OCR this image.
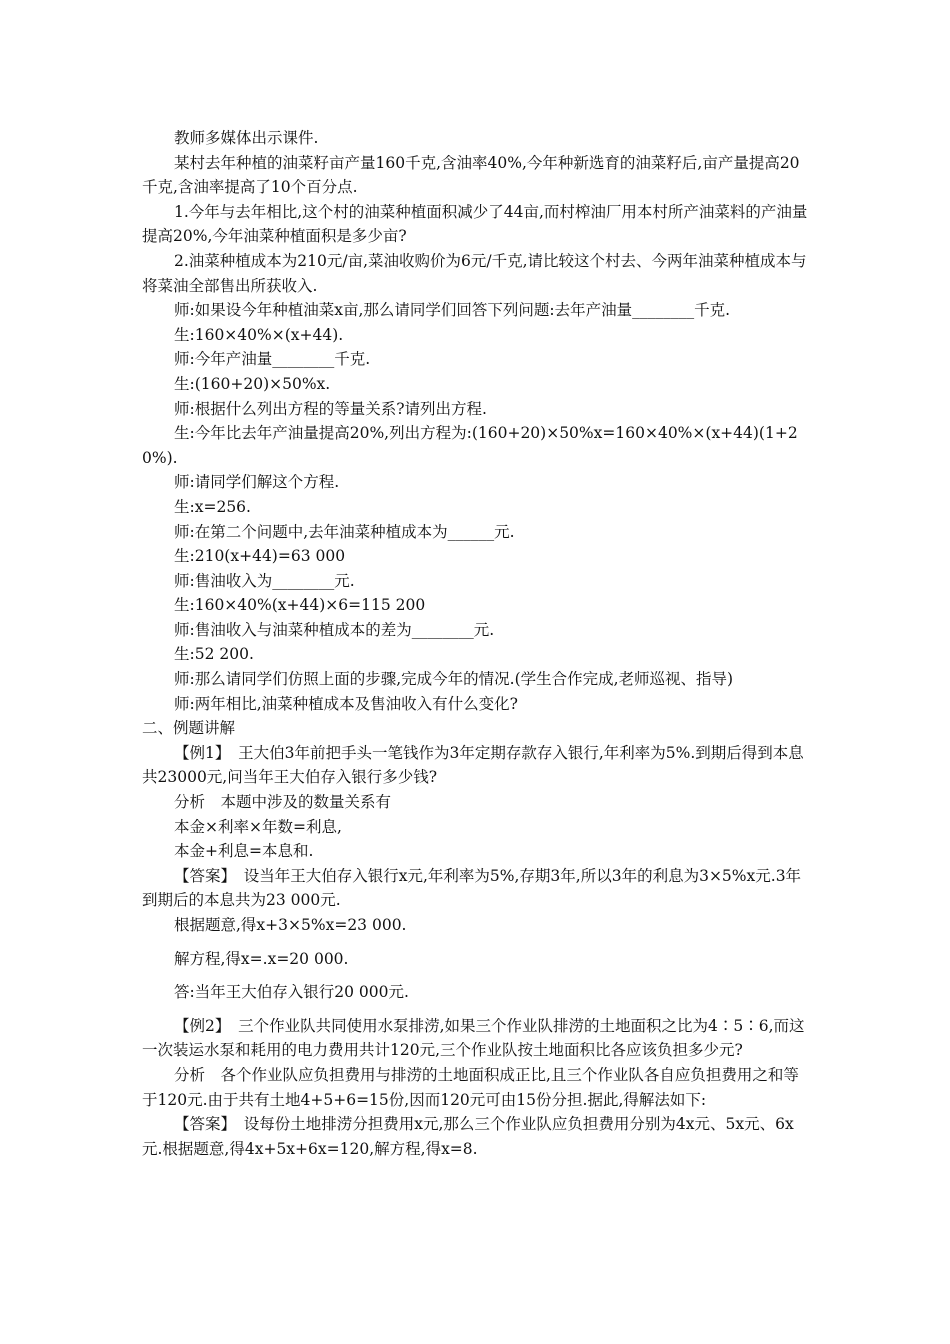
教师多媒体出示课件.

某村去年种植的油菜籽亩产量160千克,含油率40%,今年种新选育的油菜籽后,亩产量提高20千克,含油率提高了10个百分点.

1.今年与去年相比,这个村的油菜种植面积减少了44亩,而村榨油厂用本村所产油菜料的产油量提高20%,今年油菜种植面积是多少亩?

2.油菜种植成本为210元/亩,菜油收购价为6元/千克,请比较这个村去、今两年油菜种植成本与将菜油全部售出所获收入.

师:如果设今年种植油菜x亩,那么请同学们回答下列问题:去年产油量________千克.

生:160×40%×(x+44).

师:今年产油量________千克.

生:(160+20)×50%x.

师:根据什么列出方程的等量关系?请列出方程.

生:今年比去年产油量提高20%,列出方程为:(160+20)×50%x=160×40%×(x+44)(1+20%).

师:请同学们解这个方程.

生:x=256.

师:在第二个问题中,去年油菜种植成本为______元.

生:210(x+44)=63 000

师:售油收入为________元.

生:160×40%(x+44)×6=115 200

师:售油收入与油菜种植成本的差为________元.

生:52 200.

师:那么请同学们仿照上面的步骤,完成今年的情况.(学生合作完成,老师巡视、指导)

师:两年相比,油菜种植成本及售油收入有什么变化?

二、例题讲解

【例1】　王大伯3年前把手头一笔钱作为3年定期存款存入银行,年利率为5%.到期后得到本息共23000元,问当年王大伯存入银行多少钱?

分析　本题中涉及的数量关系有

本金×利率×年数=利息,

本金+利息=本息和.

【答案】　设当年王大伯存入银行x元,年利率为5%,存期3年,所以3年的利息为3×5%x元.3年到期后的本息共为23 000元.

根据题意,得x+3×5%x=23 000.

解方程,得x=.x=20 000.

答:当年王大伯存入银行20 000元.

【例2】　三个作业队共同使用水泵排涝,如果三个作业队排涝的土地面积之比为4∶5∶6,而这一次装运水泵和耗用的电力费用共计120元,三个作业队按土地面积比各应该负担多少元?

分析　各个作业队应负担费用与排涝的土地面积成正比,且三个作业队各自应负担费用之和等于120元.由于共有土地4+5+6=15份,因而120元可由15份分担.据此,得解法如下:

【答案】　设每份土地排涝分担费用x元,那么三个作业队应负担费用分别为4x元、5x元、6x元.根据题意,得4x+5x+6x=120,解方程,得x=8.
